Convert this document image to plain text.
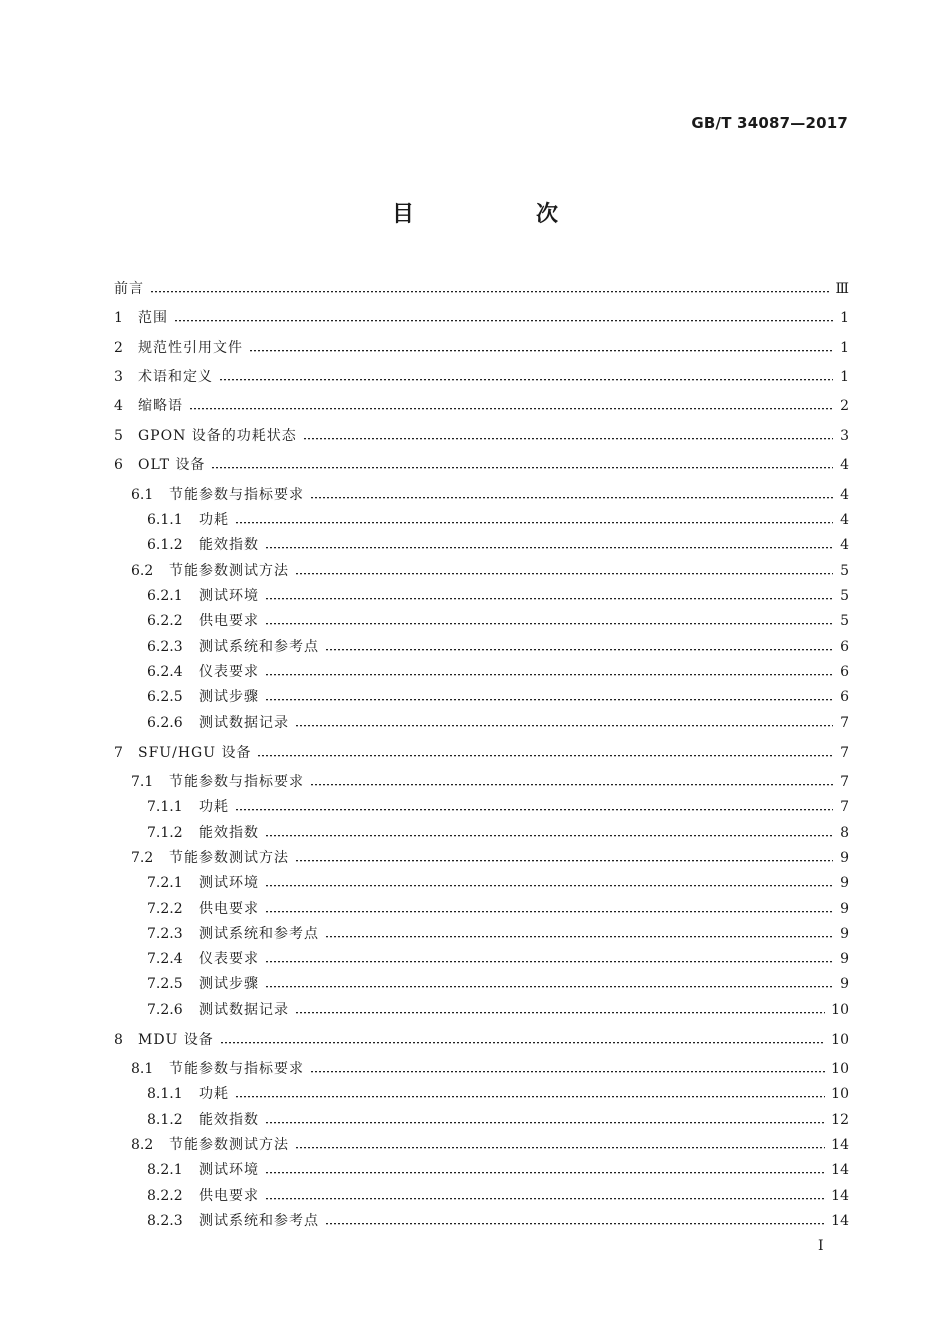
GB/T 34087—2017
目　次
前言	Ⅲ
1	范围	1
2	规范性引用文件	1
3	术语和定义	1
4	缩略语	2
5	GPON 设备的功耗状态	3
6	OLT 设备	4
6.1	节能参数与指标要求	4
6.1.1	功耗	4
6.1.2	能效指数	4
6.2	节能参数测试方法	5
6.2.1	测试环境	5
6.2.2	供电要求	5
6.2.3	测试系统和参考点	6
6.2.4	仪表要求	6
6.2.5	测试步骤	6
6.2.6	测试数据记录	7
7	SFU/HGU 设备	7
7.1	节能参数与指标要求	7
7.1.1	功耗	7
7.1.2	能效指数	8
7.2	节能参数测试方法	9
7.2.1	测试环境	9
7.2.2	供电要求	9
7.2.3	测试系统和参考点	9
7.2.4	仪表要求	9
7.2.5	测试步骤	9
7.2.6	测试数据记录	10
8	MDU 设备	10
8.1	节能参数与指标要求	10
8.1.1	功耗	10
8.1.2	能效指数	12
8.2	节能参数测试方法	14
8.2.1	测试环境	14
8.2.2	供电要求	14
8.2.3	测试系统和参考点	14
I
